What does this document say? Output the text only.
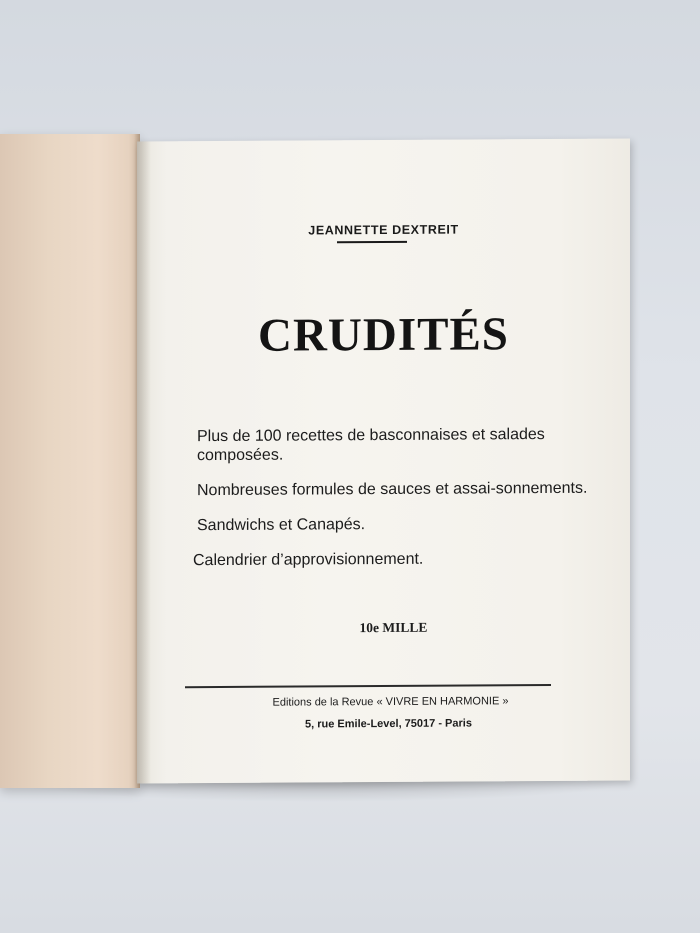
JEANNETTE DEXTREIT
CRUDITÉS

Plus de 100 recettes de basconnaises et salades composées.

Nombreuses formules de sauces et assai-sonnements.

Sandwichs et Canapés.

Calendrier d’approvisionnement.

10e MILLE
Editions de la Revue « VIVRE EN HARMONIE »
5, rue Emile-Level, 75017 - Paris
